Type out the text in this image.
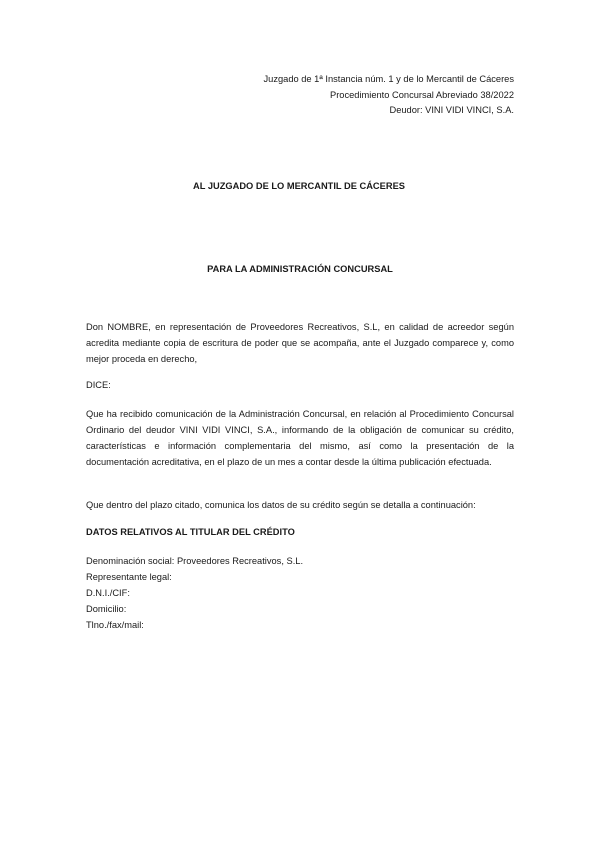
Juzgado de 1ª Instancia núm. 1 y de lo Mercantil de Cáceres
Procedimiento Concursal Abreviado 38/2022
Deudor: VINI VIDI VINCI, S.A.
AL JUZGADO DE LO MERCANTIL DE CÁCERES
PARA LA ADMINISTRACIÓN CONCURSAL

Don NOMBRE, en representación de Proveedores Recreativos, S.L, en calidad de acreedor según acredita mediante copia de escritura de poder que se acompaña, ante el Juzgado comparece y, como mejor proceda en derecho,

DICE:

Que ha recibido comunicación de la Administración Concursal, en relación al Procedimiento Concursal Ordinario del deudor VINI VIDI VINCI, S.A., informando de la obligación de comunicar su crédito, características e información complementaria del mismo, así como la presentación de la documentación acreditativa, en el plazo de un mes a contar desde la última publicación efectuada.

Que dentro del plazo citado, comunica los datos de su crédito según se detalla a continuación:

DATOS RELATIVOS AL TITULAR DEL CRÉDITO
Denominación social: Proveedores Recreativos, S.L.
Representante legal:
D.N.I./CIF:
Domicilio:
Tlno./fax/mail:
